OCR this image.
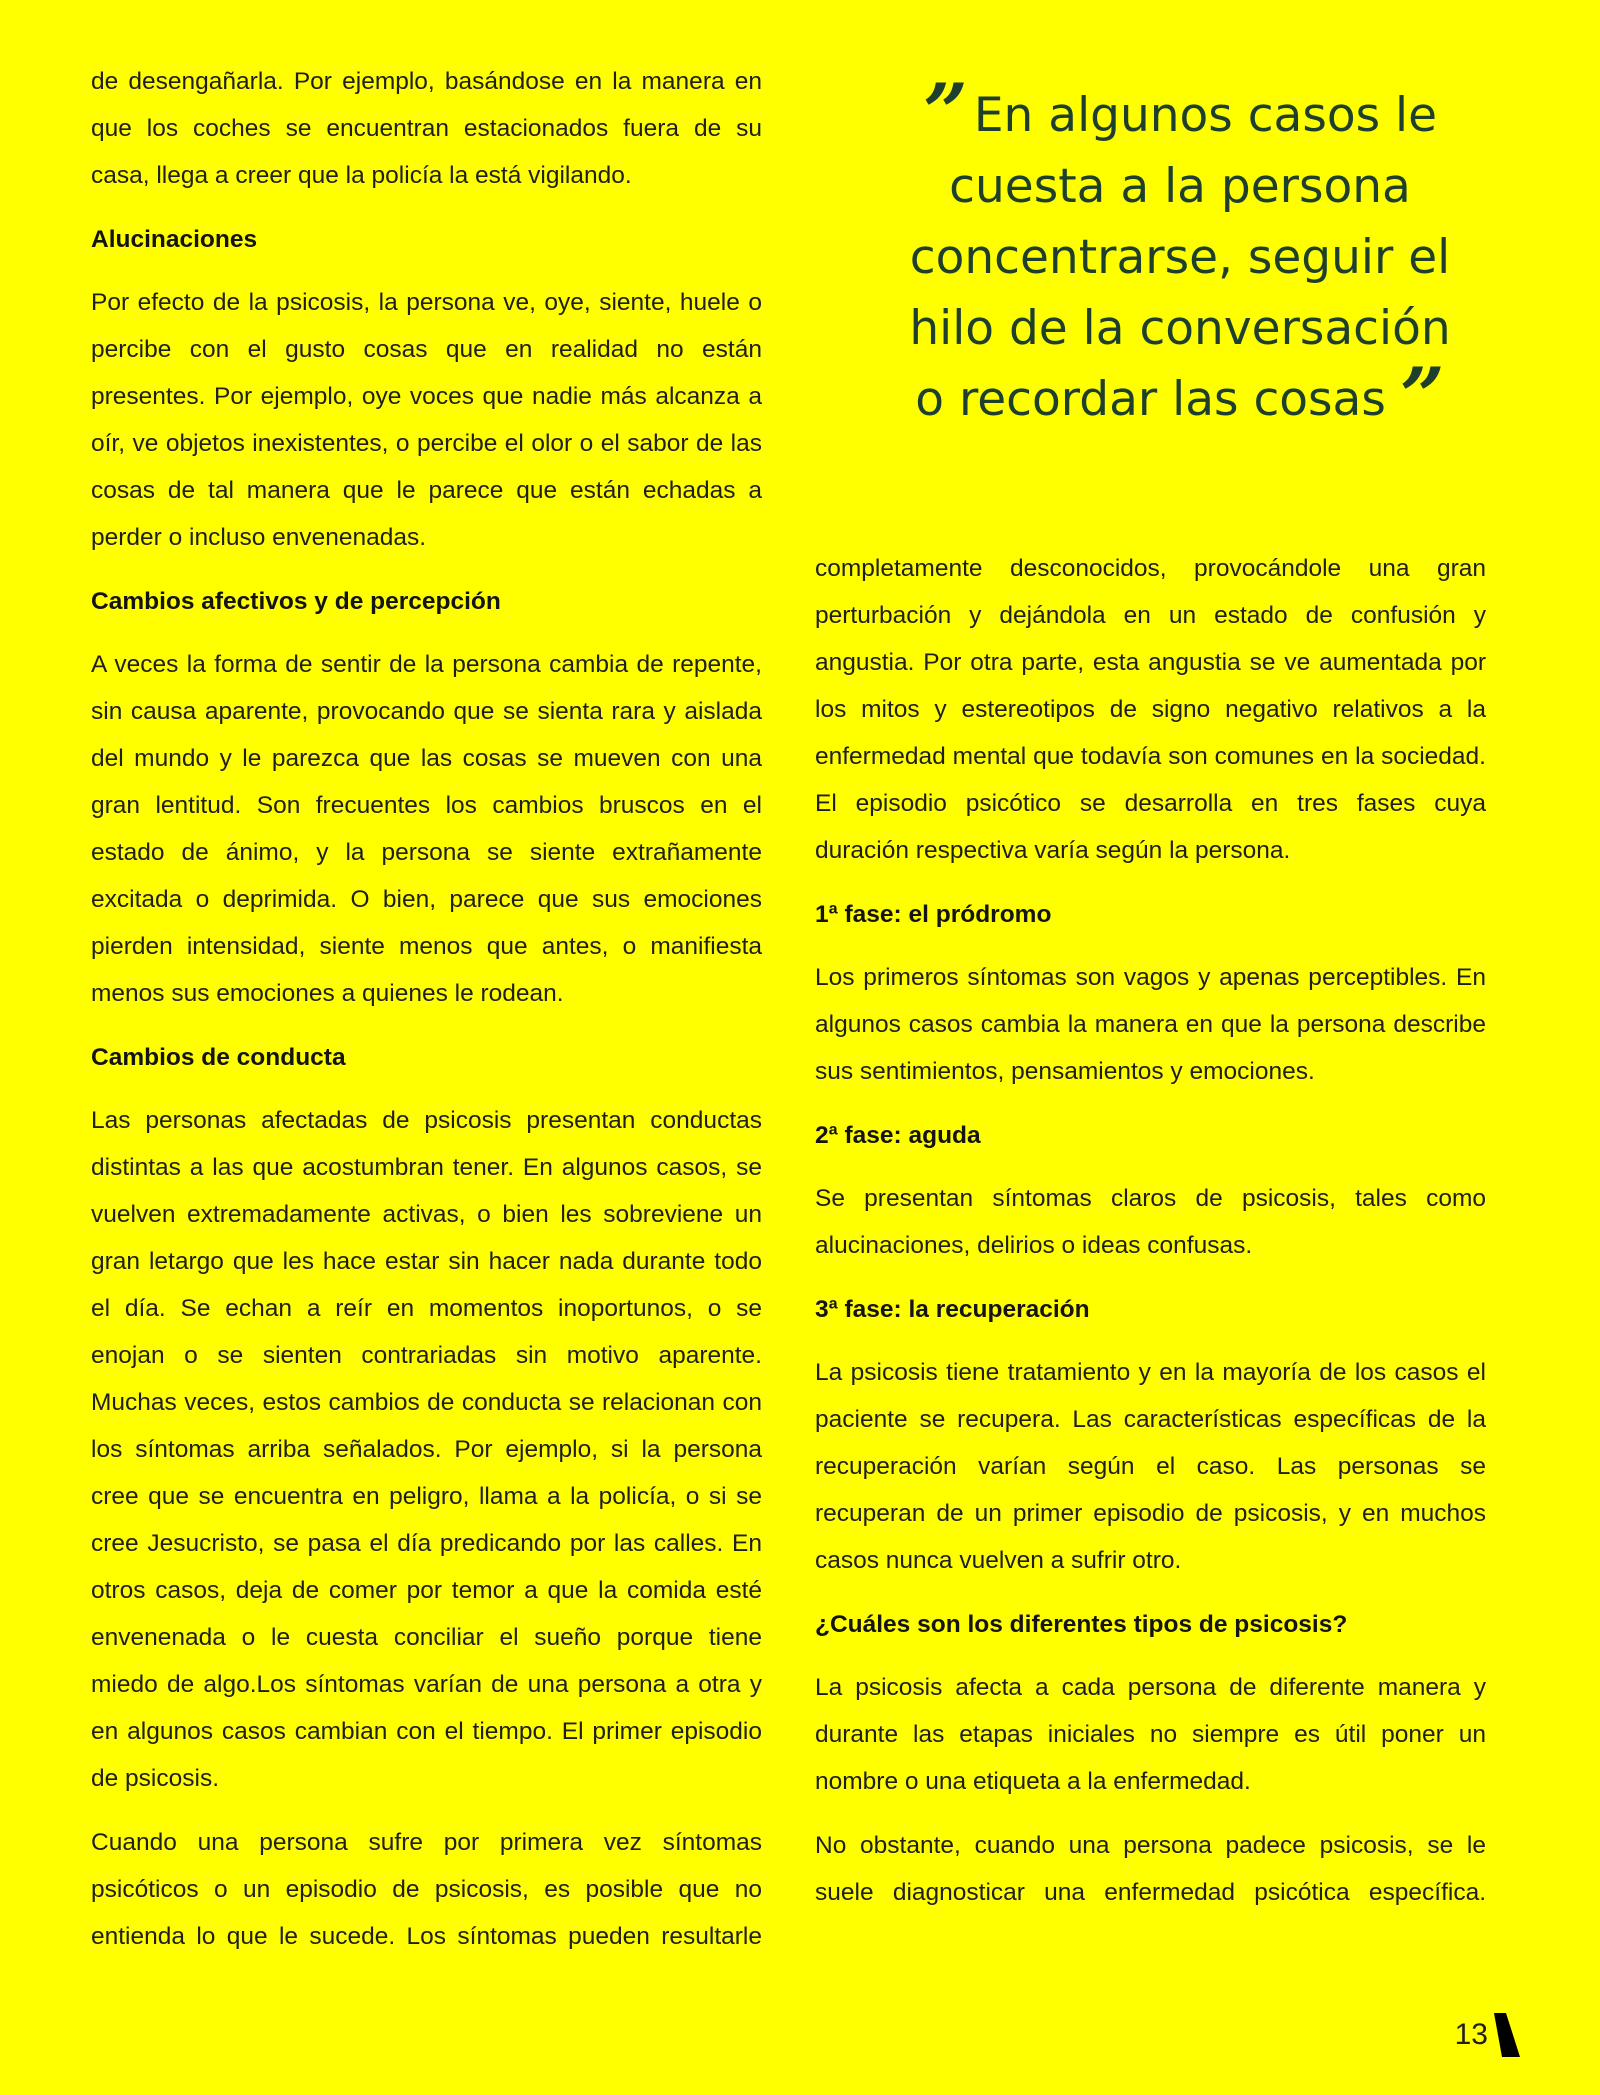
de desengañarla. Por ejemplo, basándose en la manera en que los coches se encuentran estacionados fuera de su casa, llega a creer que la policía la está vigilando.

Alucinaciones

Por efecto de la psicosis, la persona ve, oye, siente, huele o percibe con el gusto cosas que en realidad no están presentes. Por ejemplo, oye voces que nadie más alcanza a oír, ve objetos inexistentes, o percibe el olor o el sabor de las cosas de tal manera que le parece que están echadas a perder o incluso envenenadas.

Cambios afectivos y de percepción

A veces la forma de sentir de la persona cambia de repente, sin causa aparente, provocando que se sienta rara y aislada del mundo y le parezca que las cosas se mueven con una gran lentitud. Son frecuentes los cambios bruscos en el estado de ánimo, y la persona se siente extrañamente excitada o deprimida. O bien, parece que sus emociones pierden intensidad, siente menos que antes, o manifiesta menos sus emociones a quienes le rodean.

Cambios de conducta

Las personas afectadas de psicosis presentan conductas distintas a las que acostumbran tener. En algunos casos, se vuelven extremadamente activas, o bien les sobreviene un gran letargo que les hace estar sin hacer nada durante todo el día. Se echan a reír en momentos inoportunos, o se enojan o se sienten contrariadas sin motivo aparente. Muchas veces, estos cambios de conducta se relacionan con los síntomas arriba señalados. Por ejemplo, si la persona cree que se encuentra en peligro, llama a la policía, o si se cree Jesucristo, se pasa el día predicando por las calles. En otros casos, deja de comer por temor a que la comida esté envenenada o le cuesta conciliar el sueño porque tiene miedo de algo.Los síntomas varían de una persona a otra y en algunos casos cambian con el tiempo. El primer episodio de psicosis.

Cuando una persona sufre por primera vez síntomas psicóticos o un episodio de psicosis, es posible que no entienda lo que le sucede. Los síntomas pueden resultarle

” En algunos casos le
cuesta a la persona
concentrarse, seguir el
hilo de la conversación
o recordar las cosas ”

completamente desconocidos, provocándole una gran perturbación y dejándola en un estado de confusión y angustia. Por otra parte, esta angustia se ve aumentada por los mitos y estereotipos de signo negativo relativos a la enfermedad mental que todavía son comunes en la sociedad. El episodio psicótico se desarrolla en tres fases cuya duración respectiva varía según la persona.

1ª fase: el pródromo

Los primeros síntomas son vagos y apenas perceptibles. En algunos casos cambia la manera en que la persona describe sus sentimientos, pensamientos y emociones.

2ª fase: aguda

Se presentan síntomas claros de psicosis, tales como alucinaciones, delirios o ideas confusas.

3ª fase: la recuperación

La psicosis tiene tratamiento y en la mayoría de los casos el paciente se recupera. Las características específicas de la recuperación varían según el caso. Las personas se recuperan de un primer episodio de psicosis, y en muchos casos nunca vuelven a sufrir otro.

¿Cuáles son los diferentes tipos de psicosis?

La psicosis afecta a cada persona de diferente manera y durante las etapas iniciales no siempre es útil poner un nombre o una etiqueta a la enfermedad.

No obstante, cuando una persona padece psicosis, se le suele diagnosticar una enfermedad psicótica específica.

13
